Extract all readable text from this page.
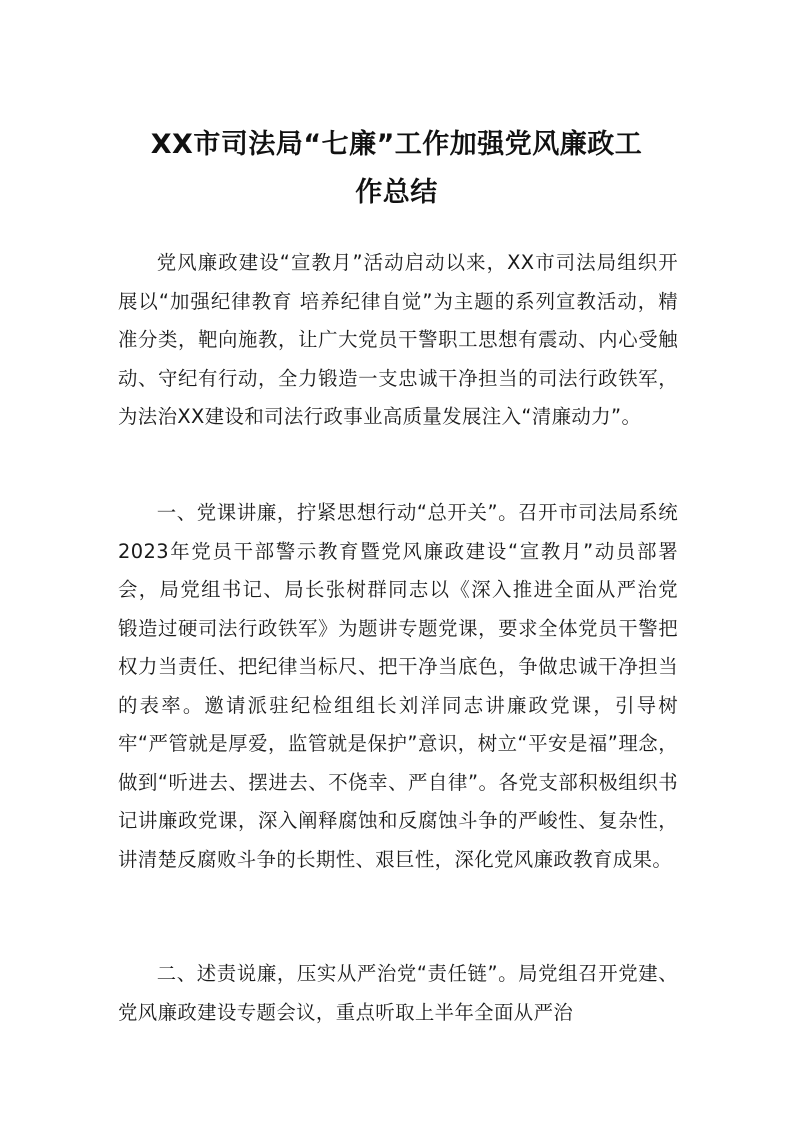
XX市司法局“七廉”工作加强党风廉政工
作总结

党风廉政建设“宣教月”活动启动以来，XX市司法局组织开展以“加强纪律教育 培养纪律自觉”为主题的系列宣教活动，精准分类，靶向施教，让广大党员干警职工思想有震动、内心受触动、守纪有行动，全力锻造一支忠诚干净担当的司法行政铁军，为法治XX建设和司法行政事业高质量发展注入“清廉动力”。

一、党课讲廉，拧紧思想行动“总开关”。召开市司法局系统2023年党员干部警示教育暨党风廉政建设“宣教月”动员部署会，局党组书记、局长张树群同志以《深入推进全面从严治党 锻造过硬司法行政铁军》为题讲专题党课，要求全体党员干警把权力当责任、把纪律当标尺、把干净当底色，争做忠诚干净担当的表率。邀请派驻纪检组组长刘洋同志讲廉政党课，引导树牢“严管就是厚爱，监管就是保护”意识，树立“平安是福”理念，做到“听进去、摆进去、不侥幸、严自律”。各党支部积极组织书记讲廉政党课，深入阐释腐蚀和反腐蚀斗争的严峻性、复杂性，讲清楚反腐败斗争的长期性、艰巨性，深化党风廉政教育成果。

二、述责说廉，压实从严治党“责任链”。局党组召开党建、党风廉政建设专题会议，重点听取上半年全面从严治
